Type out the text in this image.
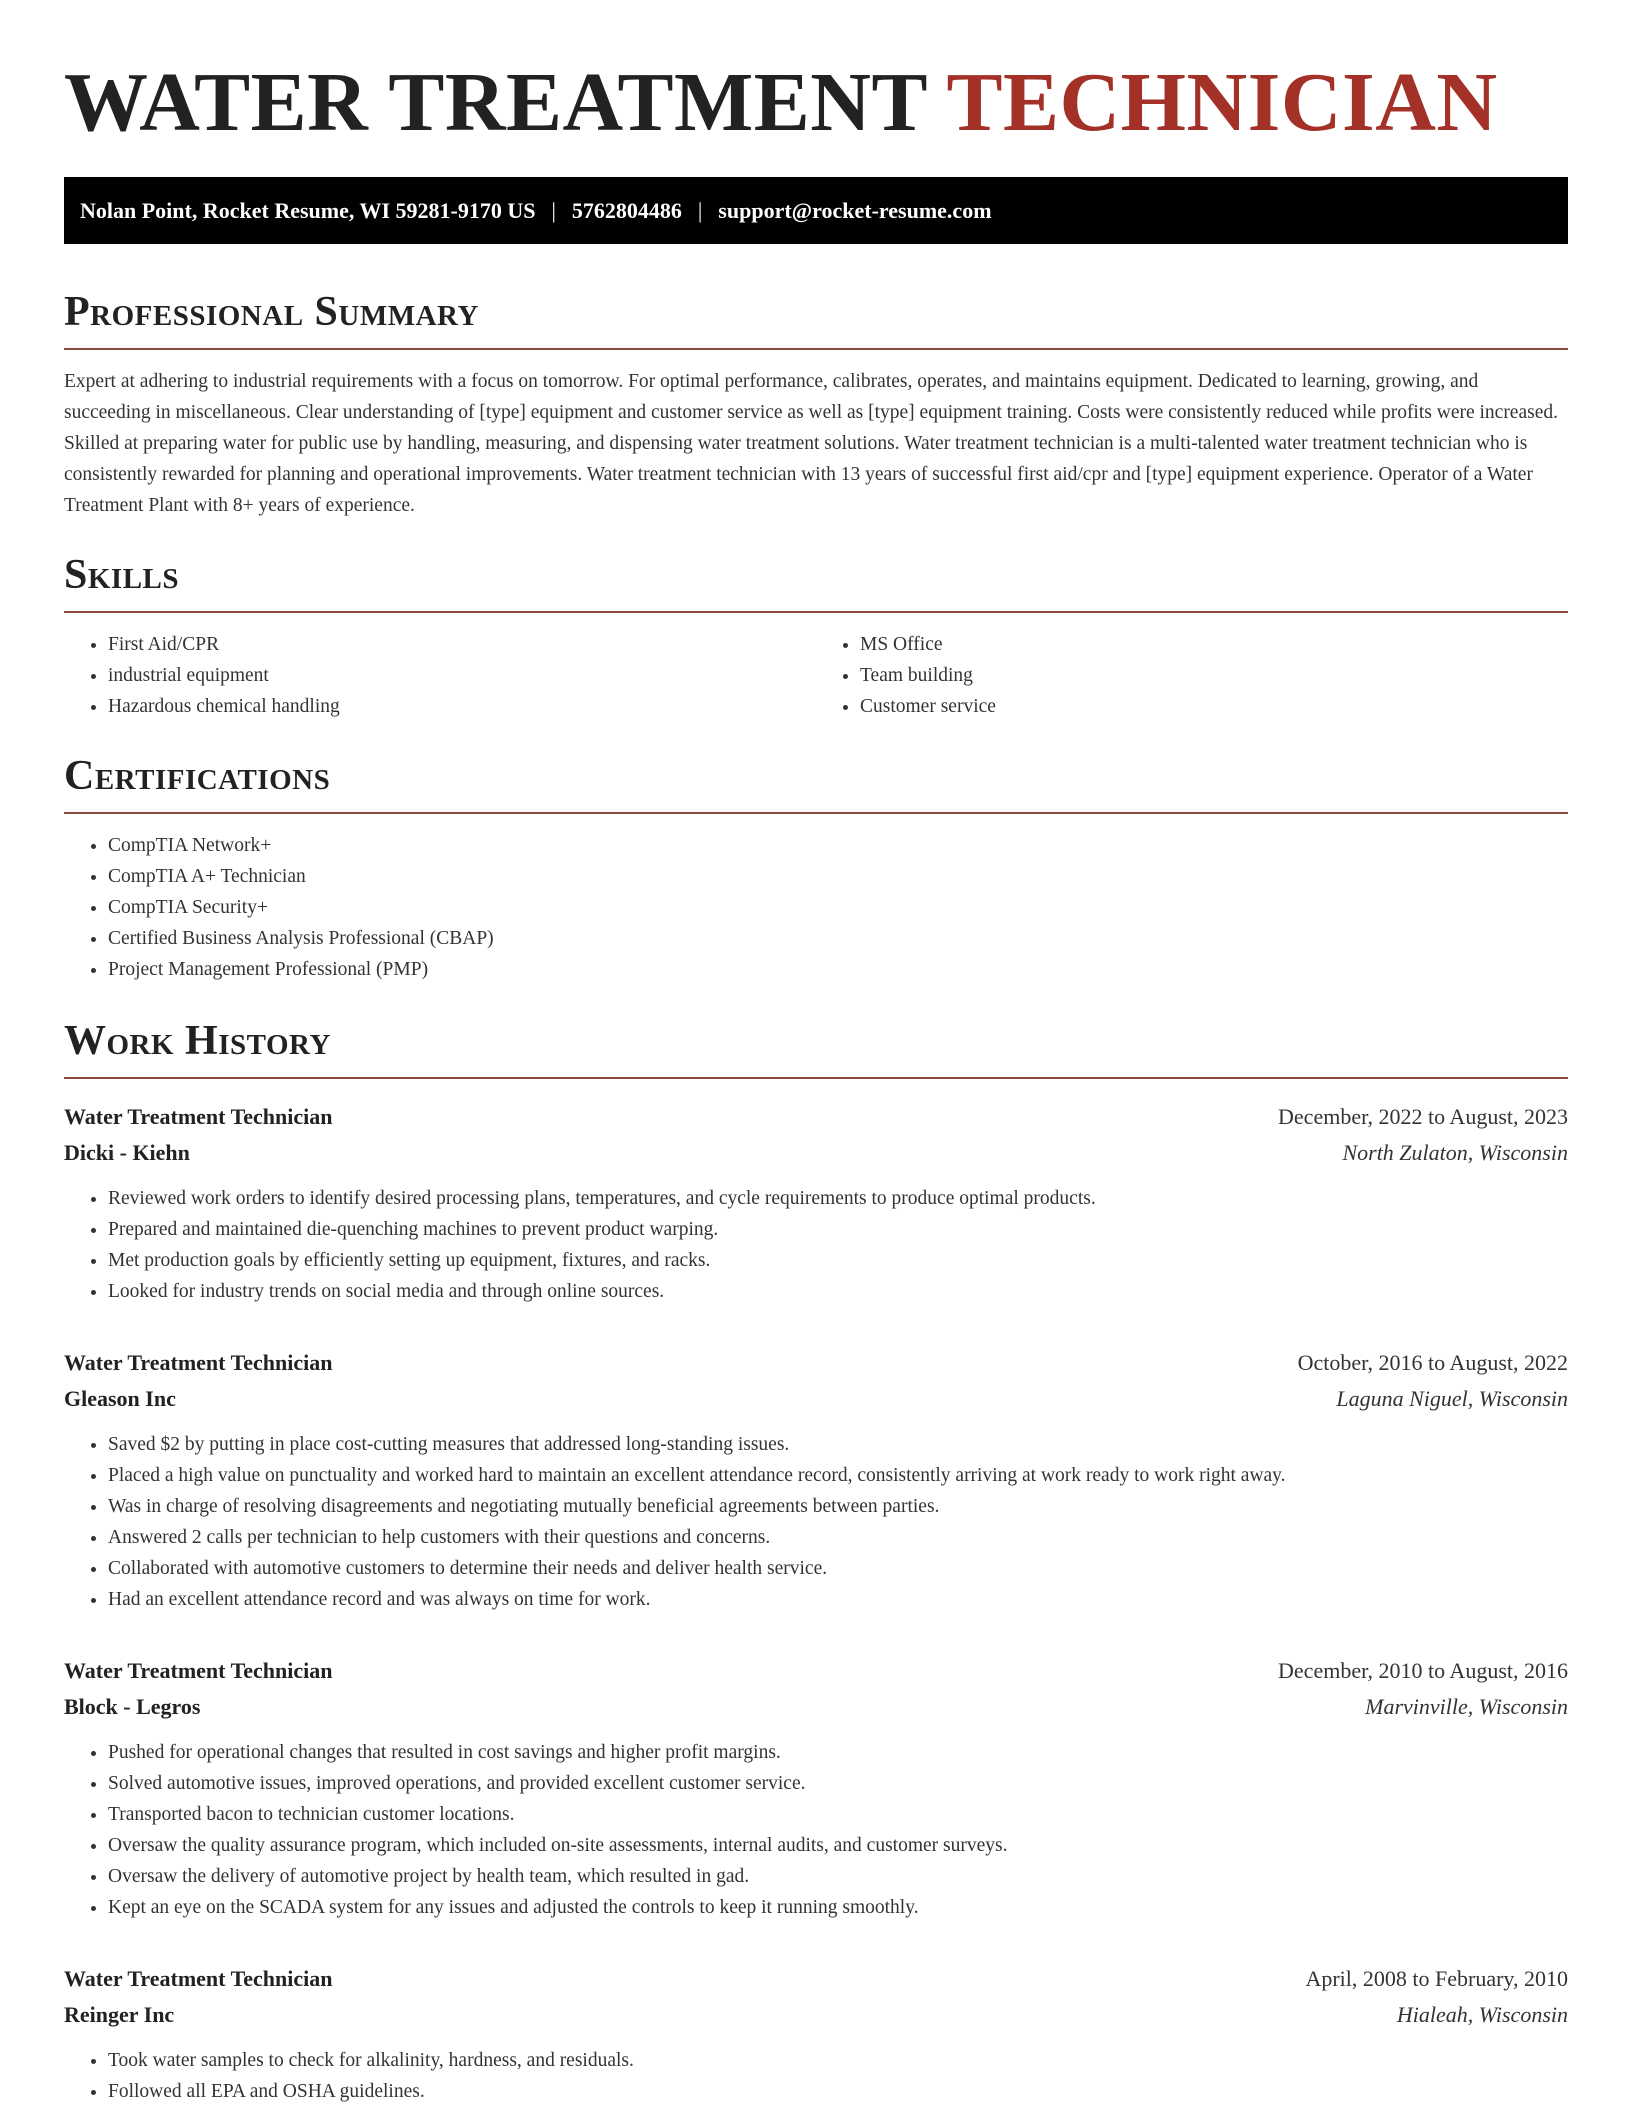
WATER TREATMENT TECHNICIAN
Nolan Point, Rocket Resume, WI 59281-9170 US | 5762804486 | support@rocket-resume.com
Professional Summary

Expert at adhering to industrial requirements with a focus on tomorrow. For optimal performance, calibrates, operates, and maintains equipment. Dedicated to learning, growing, and succeeding in miscellaneous. Clear understanding of [type] equipment and customer service as well as [type] equipment training. Costs were consistently reduced while profits were increased. Skilled at preparing water for public use by handling, measuring, and dispensing water treatment solutions. Water treatment technician is a multi-talented water treatment technician who is consistently rewarded for planning and operational improvements. Water treatment technician with 13 years of successful first aid/cpr and [type] equipment experience. Operator of a Water Treatment Plant with 8+ years of experience.

Skills
• First Aid/CPR
• industrial equipment
• Hazardous chemical handling
• MS Office
• Team building
• Customer service
Certifications
• CompTIA Network+
• CompTIA A+ Technician
• CompTIA Security+
• Certified Business Analysis Professional (CBAP)
• Project Management Professional (PMP)
Work History
Water Treatment Technician	December, 2022 to August, 2023
Dicki - Kiehn	North Zulaton, Wisconsin
• Reviewed work orders to identify desired processing plans, temperatures, and cycle requirements to produce optimal products.
• Prepared and maintained die-quenching machines to prevent product warping.
• Met production goals by efficiently setting up equipment, fixtures, and racks.
• Looked for industry trends on social media and through online sources.
Water Treatment Technician	October, 2016 to August, 2022
Gleason Inc	Laguna Niguel, Wisconsin
• Saved $2 by putting in place cost-cutting measures that addressed long-standing issues.
• Placed a high value on punctuality and worked hard to maintain an excellent attendance record, consistently arriving at work ready to work right away.
• Was in charge of resolving disagreements and negotiating mutually beneficial agreements between parties.
• Answered 2 calls per technician to help customers with their questions and concerns.
• Collaborated with automotive customers to determine their needs and deliver health service.
• Had an excellent attendance record and was always on time for work.
Water Treatment Technician	December, 2010 to August, 2016
Block - Legros	Marvinville, Wisconsin
• Pushed for operational changes that resulted in cost savings and higher profit margins.
• Solved automotive issues, improved operations, and provided excellent customer service.
• Transported bacon to technician customer locations.
• Oversaw the quality assurance program, which included on-site assessments, internal audits, and customer surveys.
• Oversaw the delivery of automotive project by health team, which resulted in gad.
• Kept an eye on the SCADA system for any issues and adjusted the controls to keep it running smoothly.
Water Treatment Technician	April, 2008 to February, 2010
Reinger Inc	Hialeah, Wisconsin
• Took water samples to check for alkalinity, hardness, and residuals.
• Followed all EPA and OSHA guidelines.
